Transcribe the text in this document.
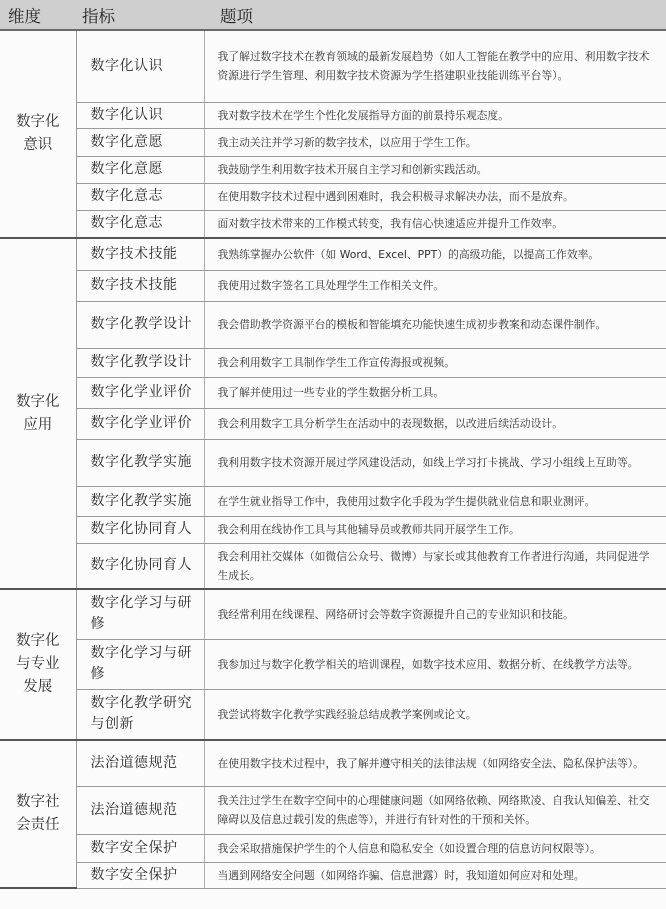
维度	指标	题项
数字化意识	数字化认识	我了解过数字技术在教育领域的最新发展趋势（如人工智能在教学中的应用、利用数字技术资源进行学生管理、利用数字技术资源为学生搭建职业技能训练平台等）。
	数字化认识	我对数字技术在学生个性化发展指导方面的前景持乐观态度。
	数字化意愿	我主动关注并学习新的数字技术，以应用于学生工作。
	数字化意愿	我鼓励学生利用数字技术开展自主学习和创新实践活动。
	数字化意志	在使用数字技术过程中遇到困难时，我会积极寻求解决办法，而不是放弃。
	数字化意志	面对数字技术带来的工作模式转变，我有信心快速适应并提升工作效率。
数字化应用	数字技术技能	我熟练掌握办公软件（如 Word、Excel、PPT）的高级功能，以提高工作效率。
	数字技术技能	我使用过数字签名工具处理学生工作相关文件。
	数字化教学设计	我会借助教学资源平台的模板和智能填充功能快速生成初步教案和动态课件制作。
	数字化教学设计	我会利用数字工具制作学生工作宣传海报或视频。
	数字化学业评价	我了解并使用过一些专业的学生数据分析工具。
	数字化学业评价	我会利用数字工具分析学生在活动中的表现数据，以改进后续活动设计。
	数字化教学实施	我利用数字技术资源开展过学风建设活动，如线上学习打卡挑战、学习小组线上互助等。
	数字化教学实施	在学生就业指导工作中，我使用过数字化手段为学生提供就业信息和职业测评。
	数字化协同育人	我会利用在线协作工具与其他辅导员或教师共同开展学生工作。
	数字化协同育人	我会利用社交媒体（如微信公众号、微博）与家长或其他教育工作者进行沟通，共同促进学生成长。
数字化与专业发展	数字化学习与研修	我经常利用在线课程、网络研讨会等数字资源提升自己的专业知识和技能。
	数字化学习与研修	我参加过与数字化教学相关的培训课程，如数字技术应用、数据分析、在线教学方法等。
	数字化教学研究与创新	我尝试将数字化教学实践经验总结成教学案例或论文。
数字社会责任	法治道德规范	在使用数字技术过程中，我了解并遵守相关的法律法规（如网络安全法、隐私保护法等）。
	法治道德规范	我关注过学生在数字空间中的心理健康问题（如网络依赖、网络欺凌、自我认知偏差、社交障碍以及信息过载引发的焦虑等），并进行有针对性的干预和关怀。
	数字安全保护	我会采取措施保护学生的个人信息和隐私安全（如设置合理的信息访问权限等）。
	数字安全保护	当遇到网络安全问题（如网络诈骗、信息泄露）时，我知道如何应对和处理。
